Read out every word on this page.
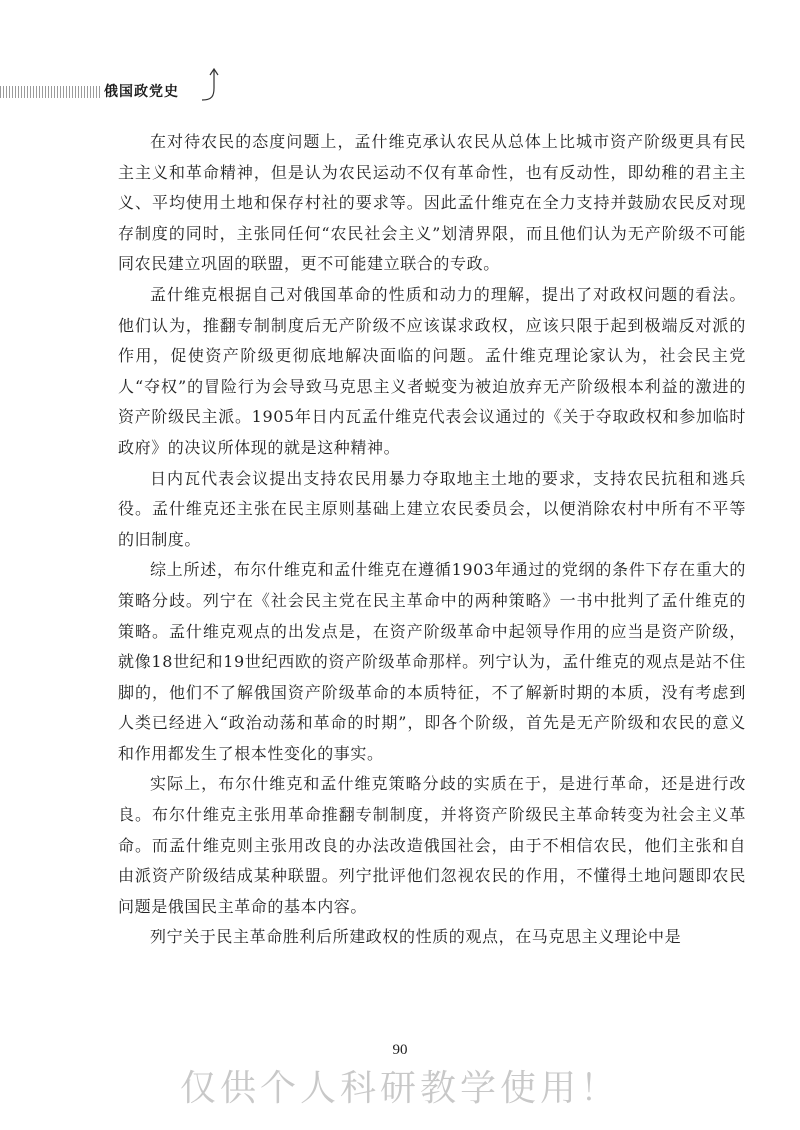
俄国政党史

在对待农民的态度问题上，孟什维克承认农民从总体上比城市资产阶级更具有民主主义和革命精神，但是认为农民运动不仅有革命性，也有反动性，即幼稚的君主主义、平均使用土地和保存村社的要求等。因此孟什维克在全力支持并鼓励农民反对现存制度的同时，主张同任何“农民社会主义”划清界限，而且他们认为无产阶级不可能同农民建立巩固的联盟，更不可能建立联合的专政。

孟什维克根据自己对俄国革命的性质和动力的理解，提出了对政权问题的看法。他们认为，推翻专制制度后无产阶级不应该谋求政权，应该只限于起到极端反对派的作用，促使资产阶级更彻底地解决面临的问题。孟什维克理论家认为，社会民主党人“夺权”的冒险行为会导致马克思主义者蜕变为被迫放弃无产阶级根本利益的激进的资产阶级民主派。1905年日内瓦孟什维克代表会议通过的《关于夺取政权和参加临时政府》的决议所体现的就是这种精神。

日内瓦代表会议提出支持农民用暴力夺取地主土地的要求，支持农民抗租和逃兵役。孟什维克还主张在民主原则基础上建立农民委员会，以便消除农村中所有不平等的旧制度。

综上所述，布尔什维克和孟什维克在遵循1903年通过的党纲的条件下存在重大的策略分歧。列宁在《社会民主党在民主革命中的两种策略》一书中批判了孟什维克的策略。孟什维克观点的出发点是，在资产阶级革命中起领导作用的应当是资产阶级，就像18世纪和19世纪西欧的资产阶级革命那样。列宁认为，孟什维克的观点是站不住脚的，他们不了解俄国资产阶级革命的本质特征，不了解新时期的本质，没有考虑到人类已经进入“政治动荡和革命的时期”，即各个阶级，首先是无产阶级和农民的意义和作用都发生了根本性变化的事实。

实际上，布尔什维克和孟什维克策略分歧的实质在于，是进行革命，还是进行改良。布尔什维克主张用革命推翻专制制度，并将资产阶级民主革命转变为社会主义革命。而孟什维克则主张用改良的办法改造俄国社会，由于不相信农民，他们主张和自由派资产阶级结成某种联盟。列宁批评他们忽视农民的作用，不懂得土地问题即农民问题是俄国民主革命的基本内容。

列宁关于民主革命胜利后所建政权的性质的观点，在马克思主义理论中是

90
仅供个人科研教学使用！
